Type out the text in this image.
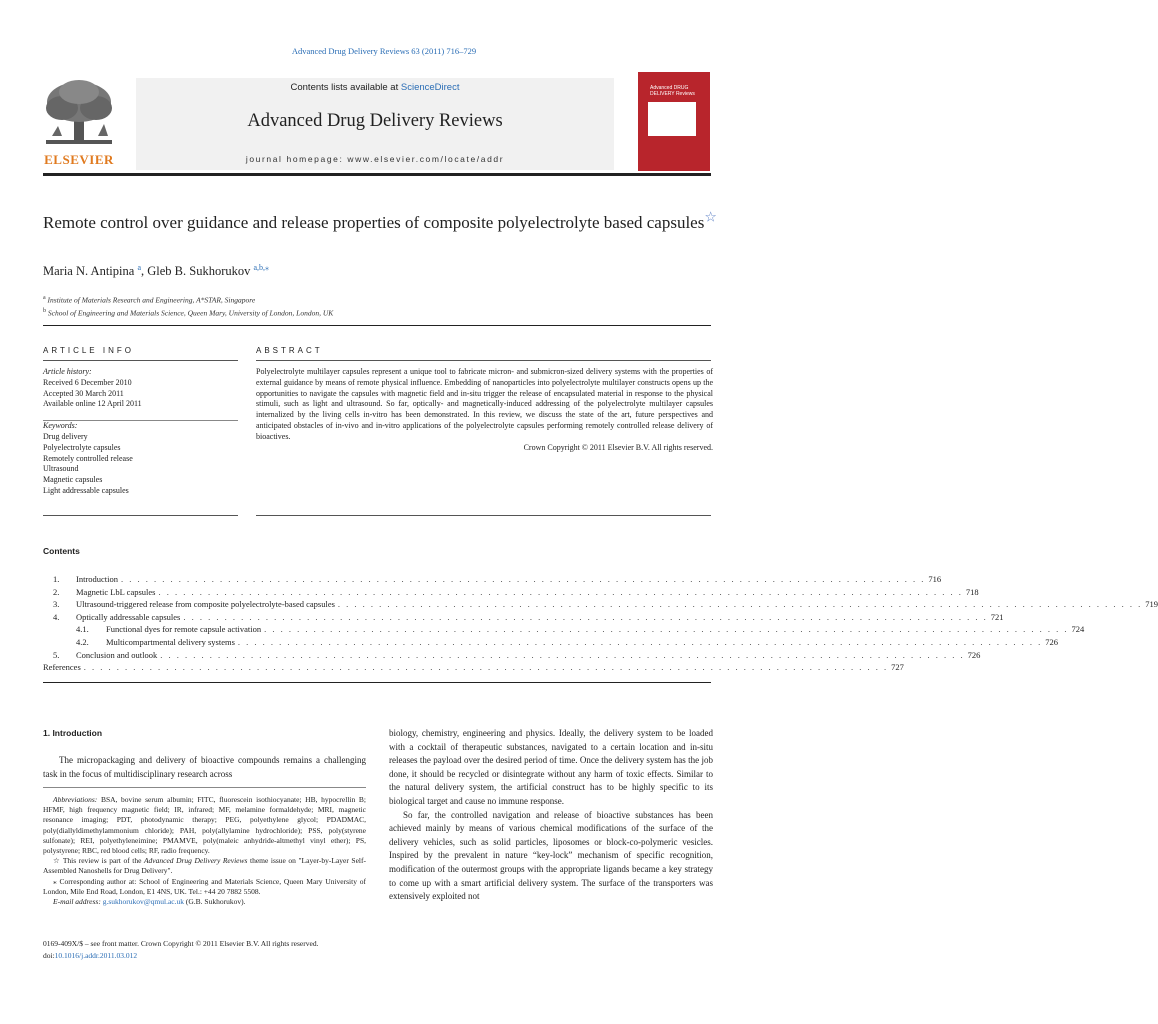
Advanced Drug Delivery Reviews 63 (2011) 716–729
ELSEVIER
Contents lists available at ScienceDirect
Advanced Drug Delivery Reviews
journal homepage: www.elsevier.com/locate/addr
Advanced DRUG DELIVERY Reviews
Remote control over guidance and release properties of composite polyelectrolyte based capsules☆
Maria N. Antipina $^a$, Gleb B. Sukhorukov $^{a,b,⁎}$
$^a$ Institute of Materials Research and Engineering, A*STAR, Singapore
$^b$ School of Engineering and Materials Science, Queen Mary, University of London, London, UK
ARTICLE INFO
Article history:
Received 6 December 2010
Accepted 30 March 2011
Available online 12 April 2011
Keywords:
Drug delivery
Polyelectrolyte capsules
Remotely controlled release
Ultrasound
Magnetic capsules
Light addressable capsules
ABSTRACT
Polyelectrolyte multilayer capsules represent a unique tool to fabricate micron- and submicron-sized delivery systems with the properties of external guidance by means of remote physical influence. Embedding of nanoparticles into polyelectrolyte multilayer constructs opens up the opportunities to navigate the capsules with magnetic field and in-situ trigger the release of encapsulated material in response to the physical stimuli, such as light and ultrasound. So far, optically- and magnetically-induced addressing of the polyelectrolyte multilayer capsules internalized by the living cells in-vitro has been demonstrated. In this review, we discuss the state of the art, future perspectives and anticipated obstacles of in-vivo and in-vitro applications of the polyelectrolyte capsules performing remotely controlled release delivery of bioactives.
Crown Copyright © 2011 Elsevier B.V. All rights reserved.
Contents
1.	Introduction . . . . . . . . . . . . . . . . . . . . . . . . . . . . . . . . . . . . . . . . . . . . . . . . . . . . . . . . . . . . . . . . . . . . . . . . . . . . . . . . . . . . . . . . . . . . . . . . . . 716
2.	Magnetic LbL capsules . . . . . . . . . . . . . . . . . . . . . . . . . . . . . . . . . . . . . . . . . . . . . . . . . . . . . . . . . . . . . . . . . . . . . . . . . . . . . . . . . . . . . . . . . . . . . . . . . . 718
3.	Ultrasound-triggered release from composite polyelectrolyte-based capsules . . . . . . . . . . . . . . . . . . . . . . . . . . . . . . . . . . . . . . . . . . . . . . . . . . . . . . . . . . . . . . . . . . . . . . . . . . . . . . . . . . . . . . . . . . . . . . . . . . 719
4.	Optically addressable capsules . . . . . . . . . . . . . . . . . . . . . . . . . . . . . . . . . . . . . . . . . . . . . . . . . . . . . . . . . . . . . . . . . . . . . . . . . . . . . . . . . . . . . . . . . . . . . . . . . . 721
4.1.	Functional dyes for remote capsule activation . . . . . . . . . . . . . . . . . . . . . . . . . . . . . . . . . . . . . . . . . . . . . . . . . . . . . . . . . . . . . . . . . . . . . . . . . . . . . . . . . . . . . . . . . . . . . . . . . . 724
4.2.	Multicompartmental delivery systems . . . . . . . . . . . . . . . . . . . . . . . . . . . . . . . . . . . . . . . . . . . . . . . . . . . . . . . . . . . . . . . . . . . . . . . . . . . . . . . . . . . . . . . . . . . . . . . . . . 726
5.	Conclusion and outlook . . . . . . . . . . . . . . . . . . . . . . . . . . . . . . . . . . . . . . . . . . . . . . . . . . . . . . . . . . . . . . . . . . . . . . . . . . . . . . . . . . . . . . . . . . . . . . . . . . 726
References . . . . . . . . . . . . . . . . . . . . . . . . . . . . . . . . . . . . . . . . . . . . . . . . . . . . . . . . . . . . . . . . . . . . . . . . . . . . . . . . . . . . . . . . . . . . . . . . . . 727
1. Introduction
The micropackaging and delivery of bioactive compounds remains a challenging task in the focus of multidisciplinary research across

Abbreviations: BSA, bovine serum albumin; FITC, fluorescein isothiocyanate; HB, hypocrellin B; HFMF, high frequency magnetic field; IR, infrared; MF, melamine formaldehyde; MRI, magnetic resonance imaging; PDT, photodynamic therapy; PEG, polyethylene glycol; PDADMAC, poly(diallyldimethylammonium chloride); PAH, poly(allylamine hydrochloride); PSS, poly(styrene sulfonate); REI, polyethyleneimine; PMAMVE, poly(maleic anhydride-altmethyl vinyl ether); PS, polystyrene; RBC, red blood cells; RF, radio frequency.

☆ This review is part of the Advanced Drug Delivery Reviews theme issue on "Layer-by-Layer Self-Assembled Nanoshells for Drug Delivery".

⁎ Corresponding author at: School of Engineering and Materials Science, Queen Mary University of London, Mile End Road, London, E1 4NS, UK. Tel.: +44 20 7882 5508.

E-mail address: g.sukhorukov@qmul.ac.uk (G.B. Sukhorukov).

biology, chemistry, engineering and physics. Ideally, the delivery system to be loaded with a cocktail of therapeutic substances, navigated to a certain location and in-situ releases the payload over the desired period of time. Once the delivery system has the job done, it should be recycled or disintegrate without any harm of toxic effects. Similar to the natural delivery system, the artificial construct has to be highly specific to its biological target and cause no immune response.

So far, the controlled navigation and release of bioactive substances has been achieved mainly by means of various chemical modifications of the surface of the delivery vehicles, such as solid particles, liposomes or block-co-polymeric vesicles. Inspired by the prevalent in nature “key-lock” mechanism of specific recognition, modification of the outermost groups with the appropriate ligands became a key strategy to come up with a smart artificial delivery system. The surface of the transporters was extensively exploited not

0169-409X/$ – see front matter. Crown Copyright © 2011 Elsevier B.V. All rights reserved.
doi:10.1016/j.addr.2011.03.012
